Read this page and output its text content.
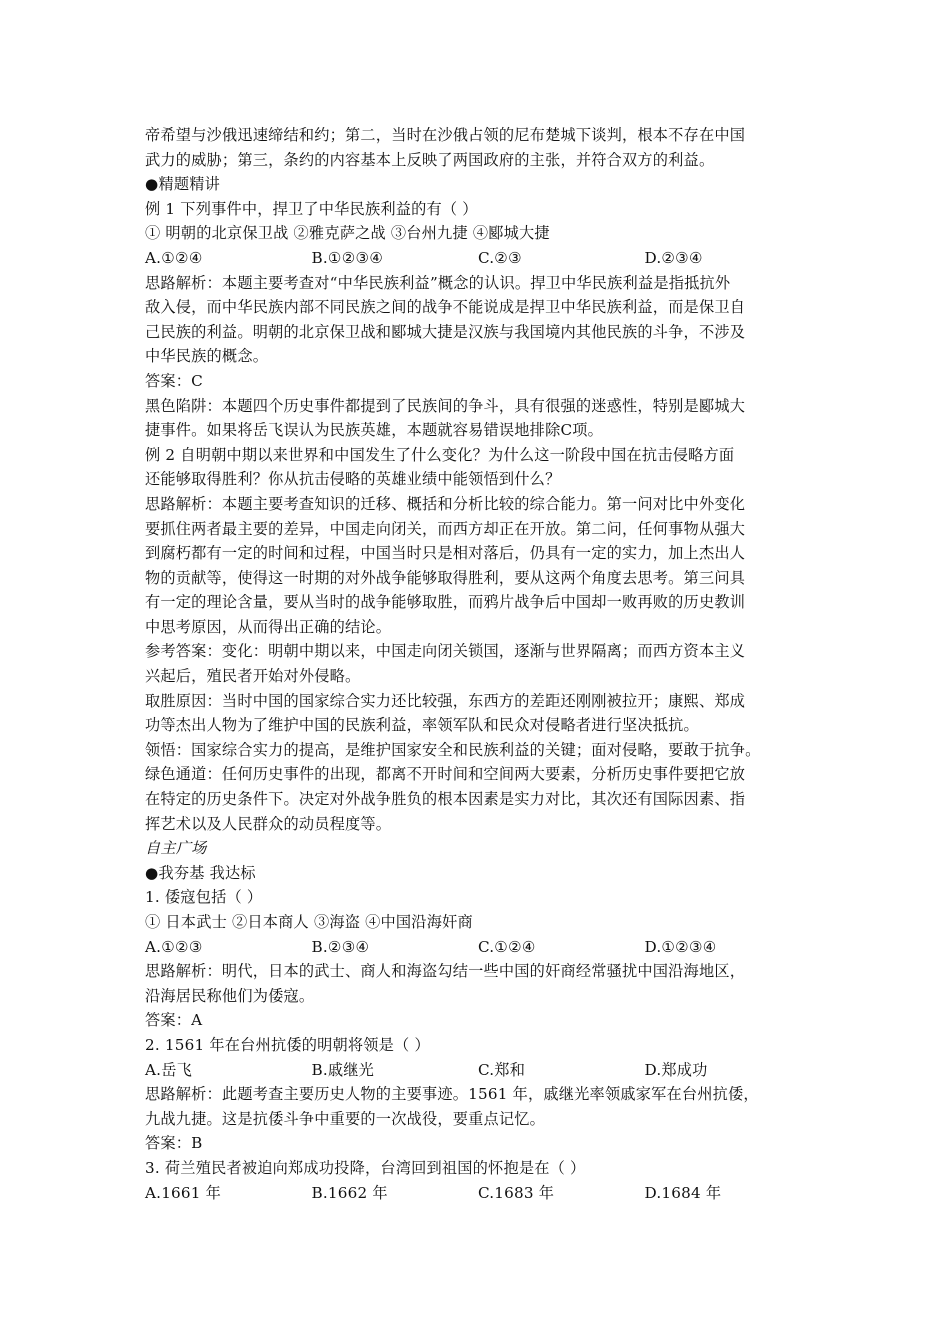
帝希望与沙俄迅速缔结和约；第二，当时在沙俄占领的尼布楚城下谈判，根本不存在中国
武力的威胁；第三，条约的内容基本上反映了两国政府的主张，并符合双方的利益。
●精题精讲
例 1 下列事件中，捍卫了中华民族利益的有（ ）
① 明朝的北京保卫战 ②雅克萨之战 ③台州九捷 ④郾城大捷
A.①②④	B.①②③④	C.②③	D.②③④
思路解析：本题主要考查对“中华民族利益”概念的认识。捍卫中华民族利益是指抵抗外
敌入侵，而中华民族内部不同民族之间的战争不能说成是捍卫中华民族利益，而是保卫自
己民族的利益。明朝的北京保卫战和郾城大捷是汉族与我国境内其他民族的斗争，不涉及
中华民族的概念。
答案：C
黑色陷阱：本题四个历史事件都提到了民族间的争斗，具有很强的迷惑性，特别是郾城大
捷事件。如果将岳飞误认为民族英雄，本题就容易错误地排除C项。
例 2 自明朝中期以来世界和中国发生了什么变化？为什么这一阶段中国在抗击侵略方面
还能够取得胜利？你从抗击侵略的英雄业绩中能领悟到什么？
思路解析：本题主要考查知识的迁移、概括和分析比较的综合能力。第一问对比中外变化
要抓住两者最主要的差异，中国走向闭关，而西方却正在开放。第二问，任何事物从强大
到腐朽都有一定的时间和过程，中国当时只是相对落后，仍具有一定的实力，加上杰出人
物的贡献等，使得这一时期的对外战争能够取得胜利，要从这两个角度去思考。第三问具
有一定的理论含量，要从当时的战争能够取胜，而鸦片战争后中国却一败再败的历史教训
中思考原因，从而得出正确的结论。
参考答案：变化：明朝中期以来，中国走向闭关锁国，逐渐与世界隔离；而西方资本主义
兴起后，殖民者开始对外侵略。
取胜原因：当时中国的国家综合实力还比较强，东西方的差距还刚刚被拉开；康熙、郑成
功等杰出人物为了维护中国的民族利益，率领军队和民众对侵略者进行坚决抵抗。
领悟：国家综合实力的提高，是维护国家安全和民族利益的关键；面对侵略，要敢于抗争。
绿色通道：任何历史事件的出现，都离不开时间和空间两大要素，分析历史事件要把它放
在特定的历史条件下。决定对外战争胜负的根本因素是实力对比，其次还有国际因素、指
挥艺术以及人民群众的动员程度等。
自主广场
●我夯基 我达标
1. 倭寇包括（ ）
① 日本武士 ②日本商人 ③海盗 ④中国沿海奸商
A.①②③	B.②③④	C.①②④	D.①②③④
思路解析：明代，日本的武士、商人和海盗勾结一些中国的奸商经常骚扰中国沿海地区，
沿海居民称他们为倭寇。
答案：A
2. 1561 年在台州抗倭的明朝将领是（ ）
A.岳飞	B.戚继光	C.郑和	D.郑成功
思路解析：此题考查主要历史人物的主要事迹。1561 年，戚继光率领戚家军在台州抗倭，
九战九捷。这是抗倭斗争中重要的一次战役，要重点记忆。
答案：B
3. 荷兰殖民者被迫向郑成功投降，台湾回到祖国的怀抱是在（ ）
A.1661 年	B.1662 年	C.1683 年	D.1684 年
